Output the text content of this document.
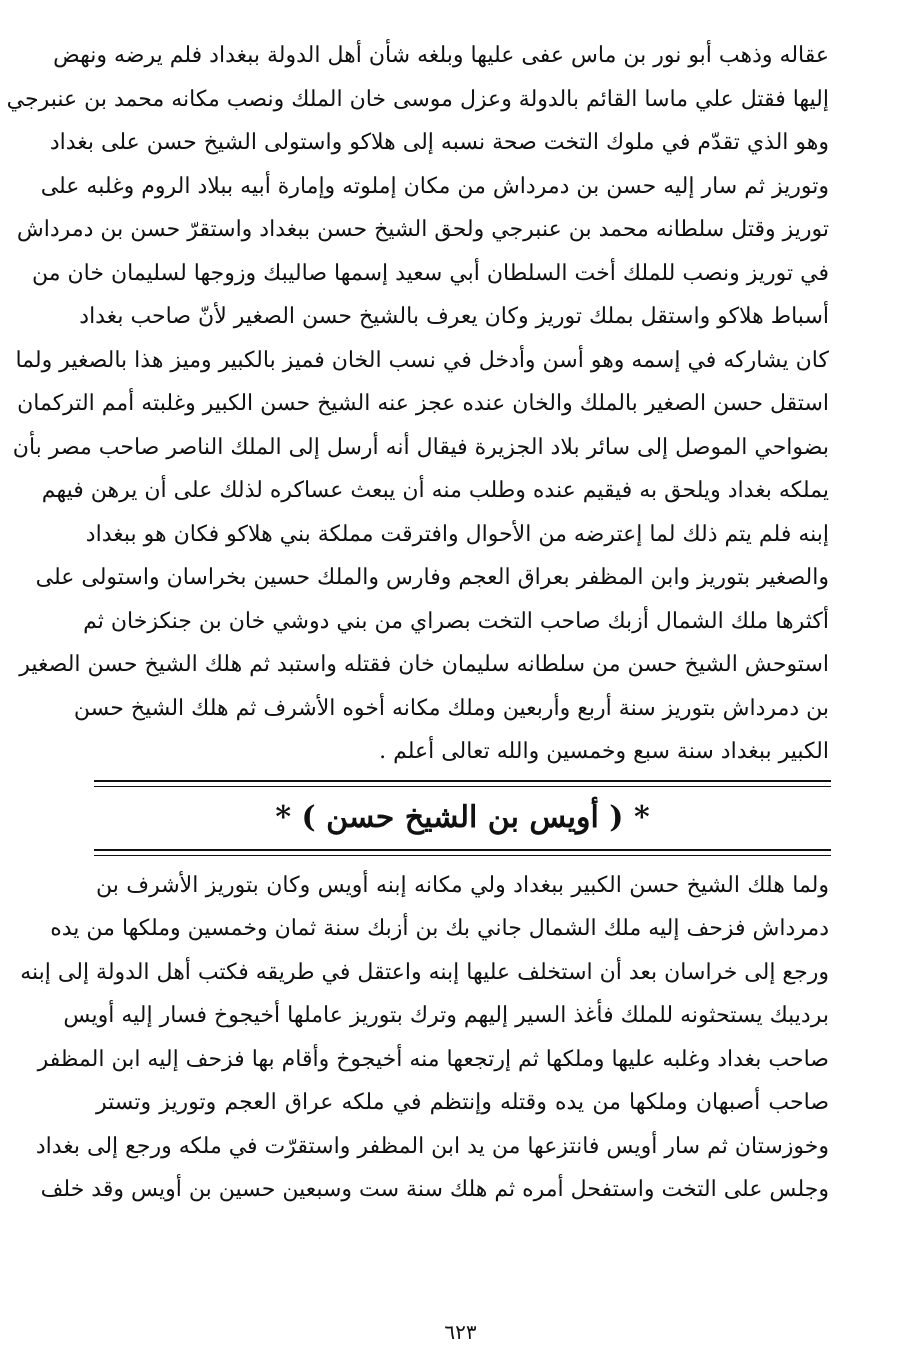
عقاله وذهب أبو نور بن ماس عفى عليها وبلغه شأن أهل الدولة ببغداد فلم يرضه ونهض
إليها فقتل علي ماسا القائم بالدولة وعزل موسى خان الملك ونصب مكانه محمد بن عنبرجي
وهو الذي تقدّم في ملوك التخت صحة نسبه إلى هلاكو واستولى الشيخ حسن على بغداد
وتوريز ثم سار إليه حسن بن دمرداش من مكان إملوته وإمارة أبيه ببلاد الروم وغلبه على
توريز وقتل سلطانه محمد بن عنبرجي ولحق الشيخ حسن ببغداد واستقرّ حسن بن دمرداش
في توريز ونصب للملك أخت السلطان أبي سعيد إسمها صاليبك وزوجها لسليمان خان من
أسباط هلاكو واستقل بملك توريز وكان يعرف بالشيخ حسن الصغير لأنّ صاحب بغداد
كان يشاركه في إسمه وهو أسن وأدخل في نسب الخان فميز بالكبير وميز هذا بالصغير ولما
استقل حسن الصغير بالملك والخان عنده عجز عنه الشيخ حسن الكبير وغلبته أمم التركمان
بضواحي الموصل إلى سائر بلاد الجزيرة فيقال أنه أرسل إلى الملك الناصر صاحب مصر بأن
يملكه بغداد ويلحق به فيقيم عنده وطلب منه أن يبعث عساكره لذلك على أن يرهن فيهم
إبنه فلم يتم ذلك لما إعترضه من الأحوال وافترقت مملكة بني هلاكو فكان هو ببغداد
والصغير بتوريز وابن المظفر بعراق العجم وفارس والملك حسين بخراسان واستولى على
أكثرها ملك الشمال أزبك صاحب التخت بصراي من بني دوشي خان بن جنكزخان ثم
استوحش الشيخ حسن من سلطانه سليمان خان فقتله واستبد ثم هلك الشيخ حسن الصغير
بن دمرداش بتوريز سنة أربع وأربعين وملك مكانه أخوه الأشرف ثم هلك الشيخ حسن
الكبير ببغداد سنة سبع وخمسين والله تعالى أعلم .
* ( أويس بن الشيخ حسن ) *
ولما هلك الشيخ حسن الكبير ببغداد ولي مكانه إبنه أويس وكان بتوريز الأشرف بن
دمرداش فزحف إليه ملك الشمال جاني بك بن أزبك سنة ثمان وخمسين وملكها من يده
ورجع إلى خراسان بعد أن استخلف عليها إبنه واعتقل في طريقه فكتب أهل الدولة إلى إبنه
برديبك يستحثونه للملك فأغذ السير إليهم وترك بتوريز عاملها أخيجوخ فسار إليه أويس
صاحب بغداد وغلبه عليها وملكها ثم إرتجعها منه أخيجوخ وأقام بها فزحف إليه ابن المظفر
صاحب أصبهان وملكها من يده وقتله وإنتظم في ملكه عراق العجم وتوريز وتستر
وخوزستان ثم سار أويس فانتزعها من يد ابن المظفر واستقرّت في ملكه ورجع إلى بغداد
وجلس على التخت واستفحل أمره ثم هلك سنة ست وسبعين حسين بن أويس وقد خلف
٦٢٣
